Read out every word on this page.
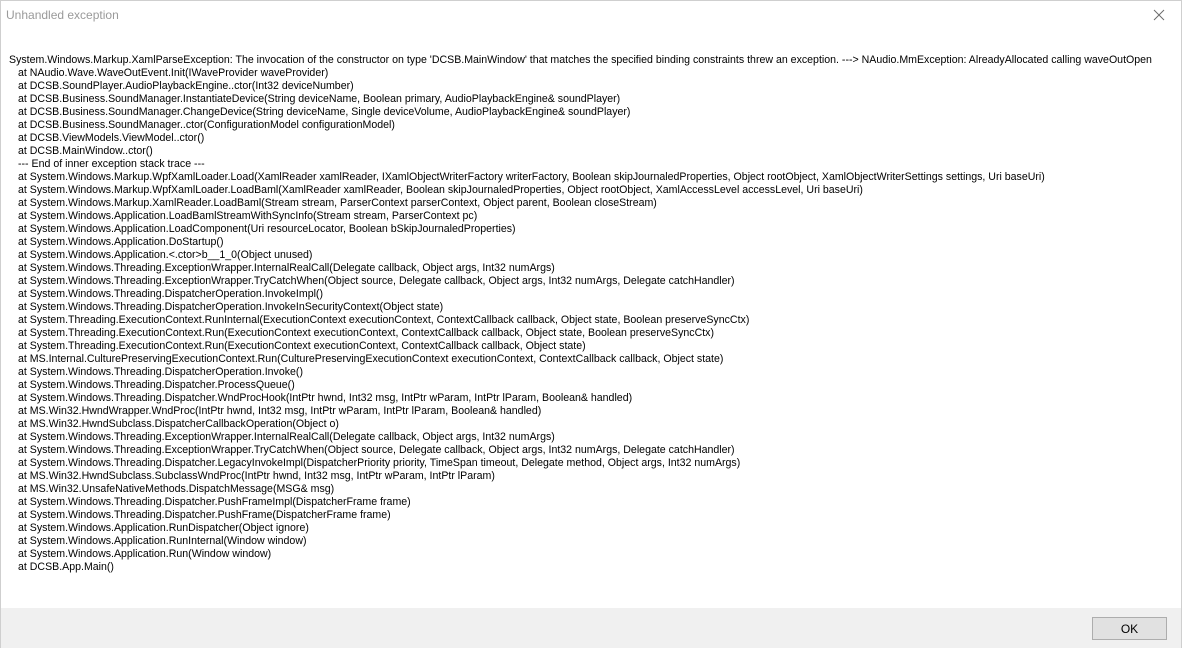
Unhandled exception

System.Windows.Markup.XamlParseException: The invocation of the constructor on type 'DCSB.MainWindow' that matches the specified binding constraints threw an exception. ---> NAudio.MmException: AlreadyAllocated calling waveOutOpen

at NAudio.Wave.WaveOutEvent.Init(IWaveProvider waveProvider)

at DCSB.SoundPlayer.AudioPlaybackEngine..ctor(Int32 deviceNumber)

at DCSB.Business.SoundManager.InstantiateDevice(String deviceName, Boolean primary, AudioPlaybackEngine& soundPlayer)

at DCSB.Business.SoundManager.ChangeDevice(String deviceName, Single deviceVolume, AudioPlaybackEngine& soundPlayer)

at DCSB.Business.SoundManager..ctor(ConfigurationModel configurationModel)

at DCSB.ViewModels.ViewModel..ctor()

at DCSB.MainWindow..ctor()

--- End of inner exception stack trace ---

at System.Windows.Markup.WpfXamlLoader.Load(XamlReader xamlReader, IXamlObjectWriterFactory writerFactory, Boolean skipJournaledProperties, Object rootObject, XamlObjectWriterSettings settings, Uri baseUri)

at System.Windows.Markup.WpfXamlLoader.LoadBaml(XamlReader xamlReader, Boolean skipJournaledProperties, Object rootObject, XamlAccessLevel accessLevel, Uri baseUri)

at System.Windows.Markup.XamlReader.LoadBaml(Stream stream, ParserContext parserContext, Object parent, Boolean closeStream)

at System.Windows.Application.LoadBamlStreamWithSyncInfo(Stream stream, ParserContext pc)

at System.Windows.Application.LoadComponent(Uri resourceLocator, Boolean bSkipJournaledProperties)

at System.Windows.Application.DoStartup()

at System.Windows.Application.<.ctor>b__1_0(Object unused)

at System.Windows.Threading.ExceptionWrapper.InternalRealCall(Delegate callback, Object args, Int32 numArgs)

at System.Windows.Threading.ExceptionWrapper.TryCatchWhen(Object source, Delegate callback, Object args, Int32 numArgs, Delegate catchHandler)

at System.Windows.Threading.DispatcherOperation.InvokeImpl()

at System.Windows.Threading.DispatcherOperation.InvokeInSecurityContext(Object state)

at System.Threading.ExecutionContext.RunInternal(ExecutionContext executionContext, ContextCallback callback, Object state, Boolean preserveSyncCtx)

at System.Threading.ExecutionContext.Run(ExecutionContext executionContext, ContextCallback callback, Object state, Boolean preserveSyncCtx)

at System.Threading.ExecutionContext.Run(ExecutionContext executionContext, ContextCallback callback, Object state)

at MS.Internal.CulturePreservingExecutionContext.Run(CulturePreservingExecutionContext executionContext, ContextCallback callback, Object state)

at System.Windows.Threading.DispatcherOperation.Invoke()

at System.Windows.Threading.Dispatcher.ProcessQueue()

at System.Windows.Threading.Dispatcher.WndProcHook(IntPtr hwnd, Int32 msg, IntPtr wParam, IntPtr lParam, Boolean& handled)

at MS.Win32.HwndWrapper.WndProc(IntPtr hwnd, Int32 msg, IntPtr wParam, IntPtr lParam, Boolean& handled)

at MS.Win32.HwndSubclass.DispatcherCallbackOperation(Object o)

at System.Windows.Threading.ExceptionWrapper.InternalRealCall(Delegate callback, Object args, Int32 numArgs)

at System.Windows.Threading.ExceptionWrapper.TryCatchWhen(Object source, Delegate callback, Object args, Int32 numArgs, Delegate catchHandler)

at System.Windows.Threading.Dispatcher.LegacyInvokeImpl(DispatcherPriority priority, TimeSpan timeout, Delegate method, Object args, Int32 numArgs)

at MS.Win32.HwndSubclass.SubclassWndProc(IntPtr hwnd, Int32 msg, IntPtr wParam, IntPtr lParam)

at MS.Win32.UnsafeNativeMethods.DispatchMessage(MSG& msg)

at System.Windows.Threading.Dispatcher.PushFrameImpl(DispatcherFrame frame)

at System.Windows.Threading.Dispatcher.PushFrame(DispatcherFrame frame)

at System.Windows.Application.RunDispatcher(Object ignore)

at System.Windows.Application.RunInternal(Window window)

at System.Windows.Application.Run(Window window)

at DCSB.App.Main()

OK
